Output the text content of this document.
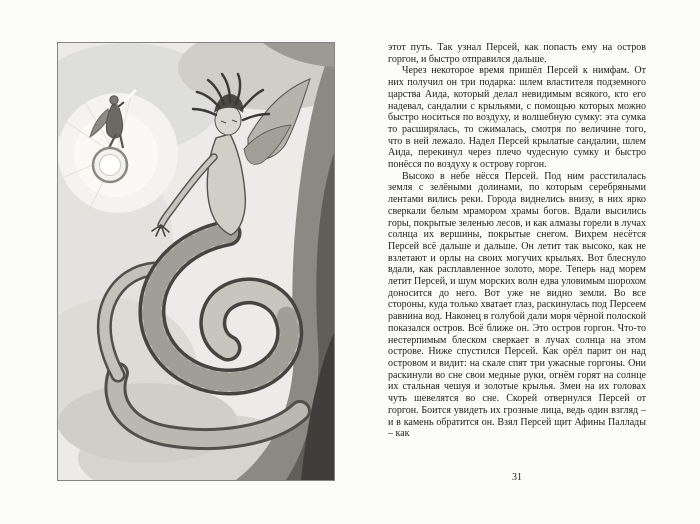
этот путь. Так узнал Персей, как попасть ему на остров горгон, и быстро отправился дальше.

Через некоторое время пришёл Персей к нимфам. От них получил он три подарка: шлем властителя подземного царства Аида, который делал невидимым всякого, кто его надевал, сандалии с крыльями, с помощью которых можно быстро носиться по воздуху, и волшебную сумку: эта сумка то расширялась, то сжималась, смотря по величине того, что в ней лежало. Надел Персей крылатые сандалии, шлем Аида, перекинул через плечо чудесную сумку и быстро понёсся по воздуху к острову горгон.

Высоко в небе нёсся Персей. Под ним расстилалась земля с зелёными долинами, по которым серебряными лентами вились реки. Города виднелись внизу, в них ярко сверкали белым мрамором храмы богов. Вдали высились горы, покрытые зеленью лесов, и как алмазы горели в лучах солнца их вершины, покрытые снегом. Вихрем несётся Персей всё дальше и дальше. Он летит так высоко, как не взлетают и орлы на своих могучих крыльях. Вот блеснуло вдали, как расплавленное золото, море. Теперь над морем летит Персей, и шум морских волн едва уловимым шорохом доносится до него. Вот уже не видно земли. Во все стороны, куда только хватает глаз, раскинулась под Персеем равнина вод. Наконец в голубой дали моря чёрной полоской показался остров. Всё ближе он. Это остров горгон. Что-то нестерпимым блеском сверкает в лучах солнца на этом острове. Ниже спустился Персей. Как орёл парит он над островом и видит: на скале спят три ужасные горгоны. Они раскинули во сне свои медные руки, огнём горят на солнце их стальная чешуя и золотые крылья. Змеи на их головах чуть шевелятся во сне. Скорей отвернулся Персей от горгон. Боится увидеть их грозные лица, ведь один взгляд – и в камень обратится он. Взял Персей щит Афины Паллады – как

31
